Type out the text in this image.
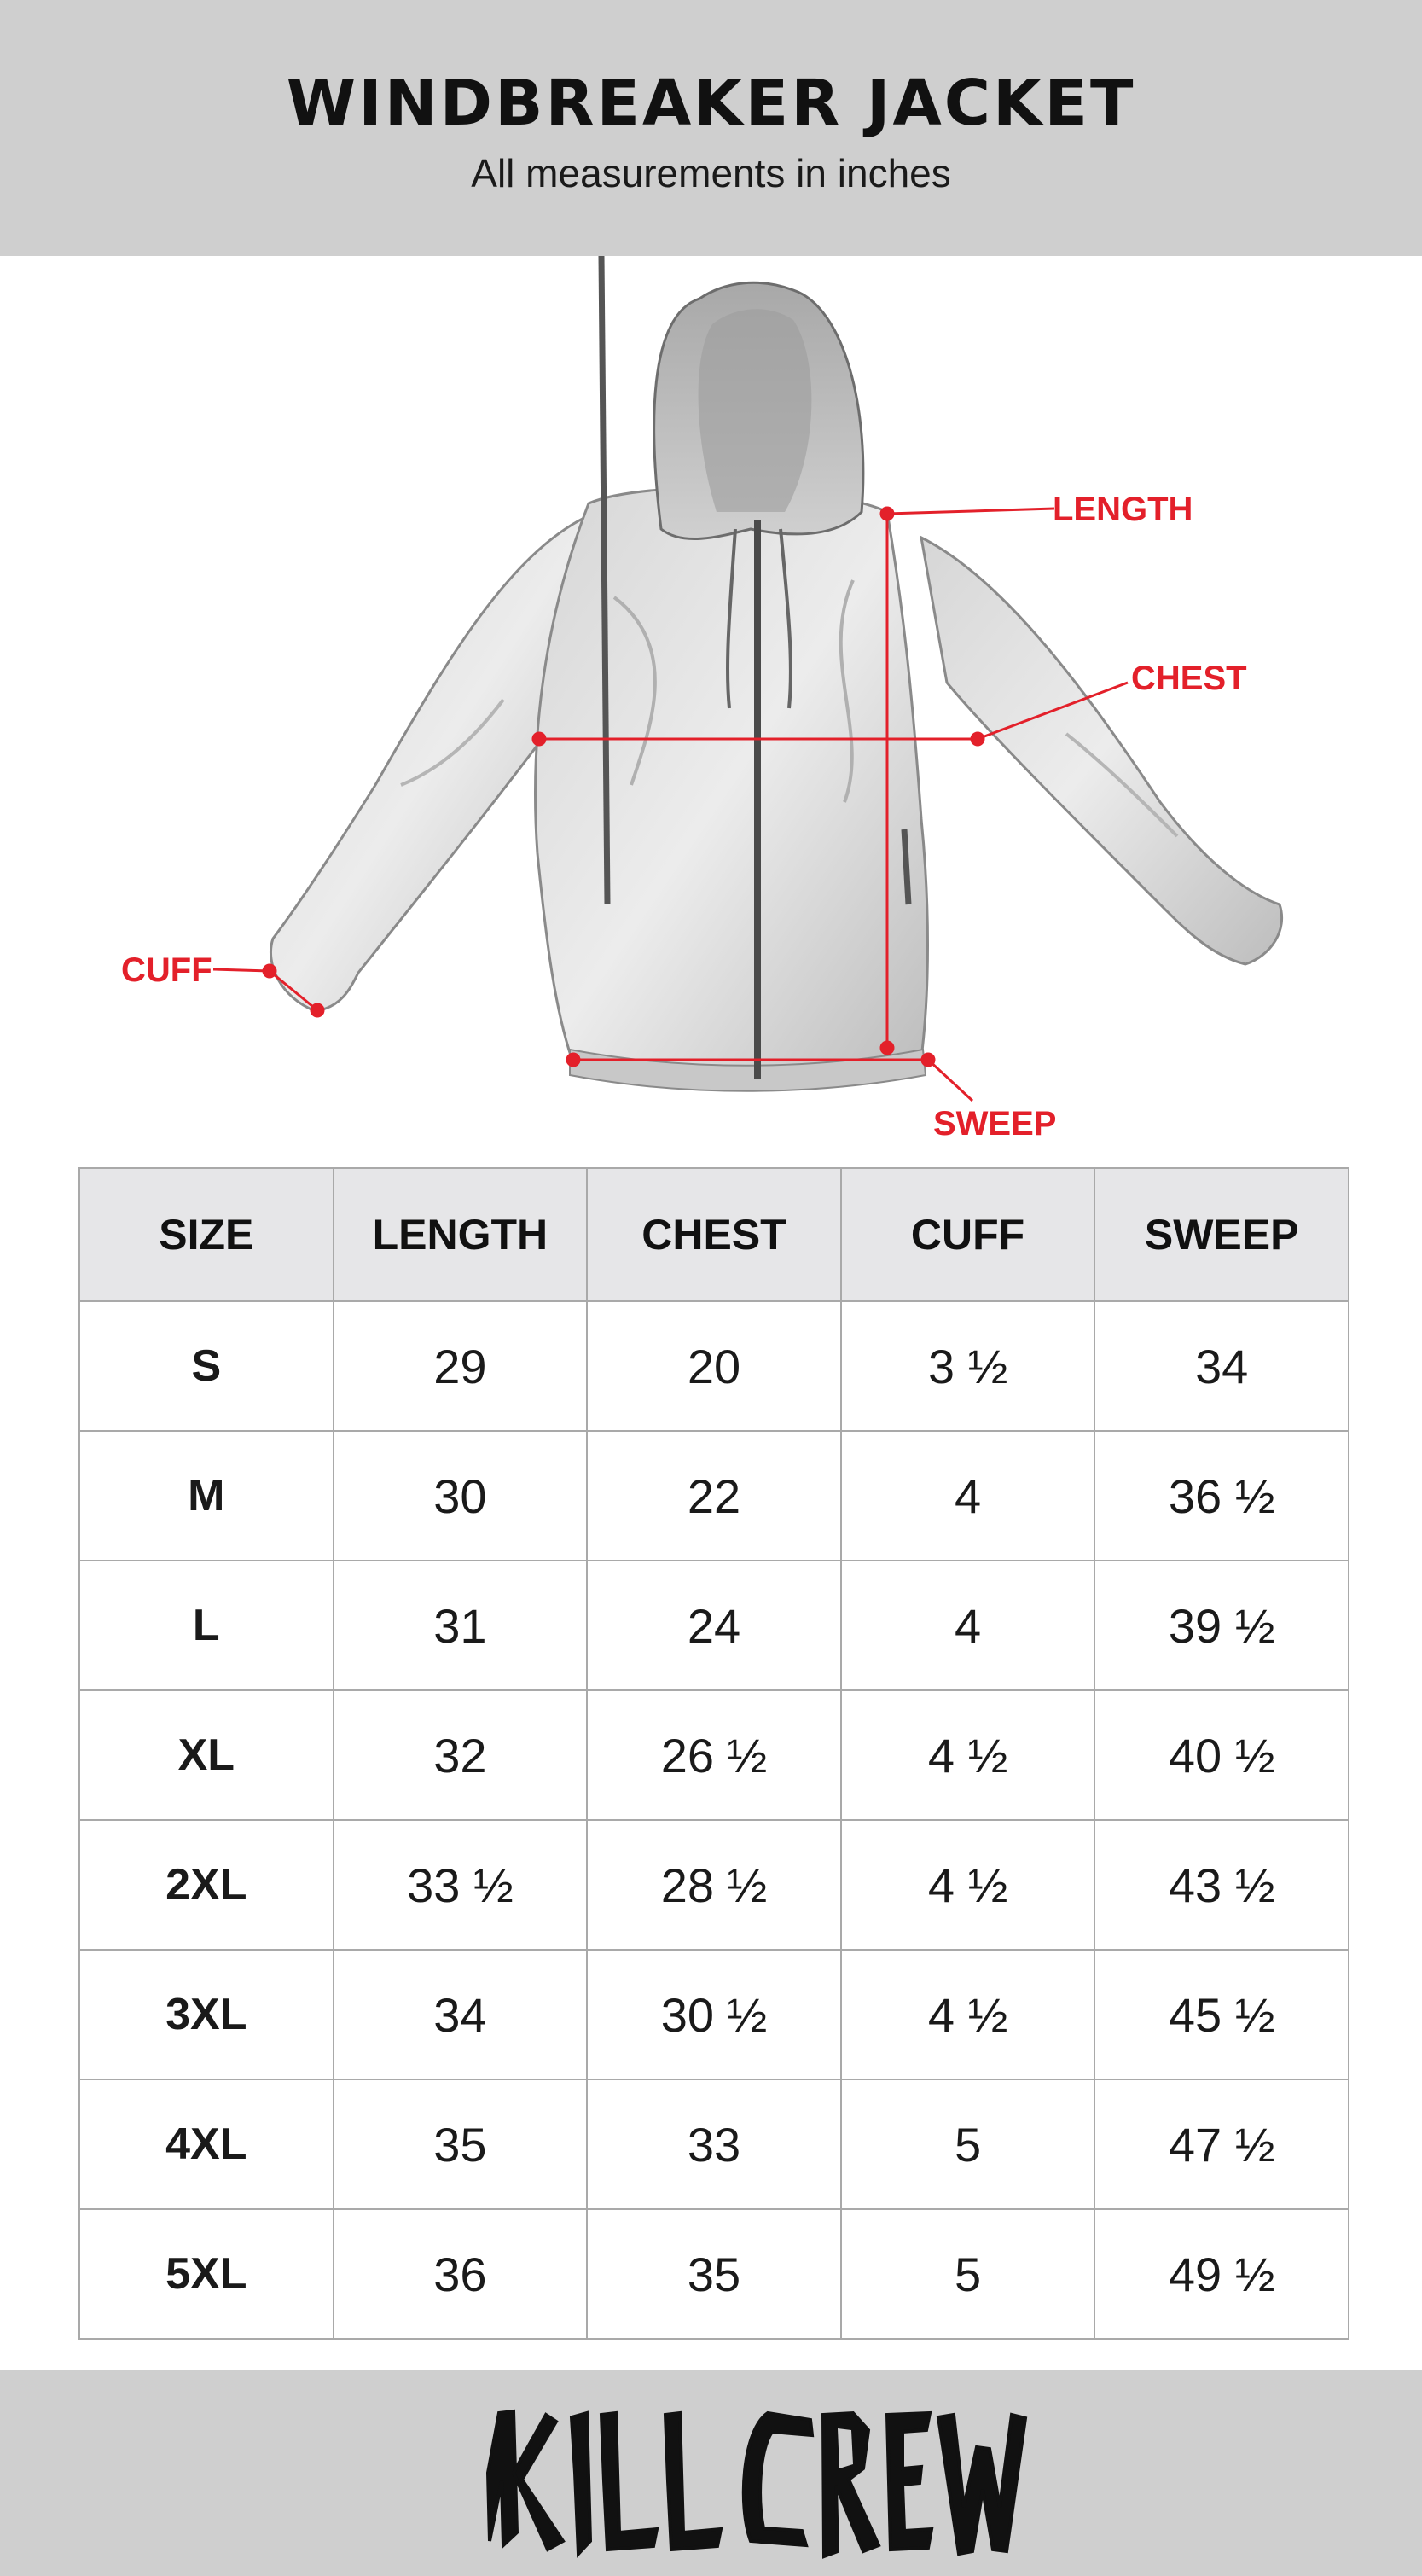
WINDBREAKER JACKET
All measurements in inches
LENGTH
CHEST
CUFF
SWEEP
SIZE	LENGTH	CHEST	CUFF	SWEEP
S	29	20	3 ½	34
M	30	22	4	36 ½
L	31	24	4	39 ½
XL	32	26 ½	4 ½	40 ½
2XL	33 ½	28 ½	4 ½	43 ½
3XL	34	30 ½	4 ½	45 ½
4XL	35	33	5	47 ½
5XL	36	35	5	49 ½
KILL CREW
